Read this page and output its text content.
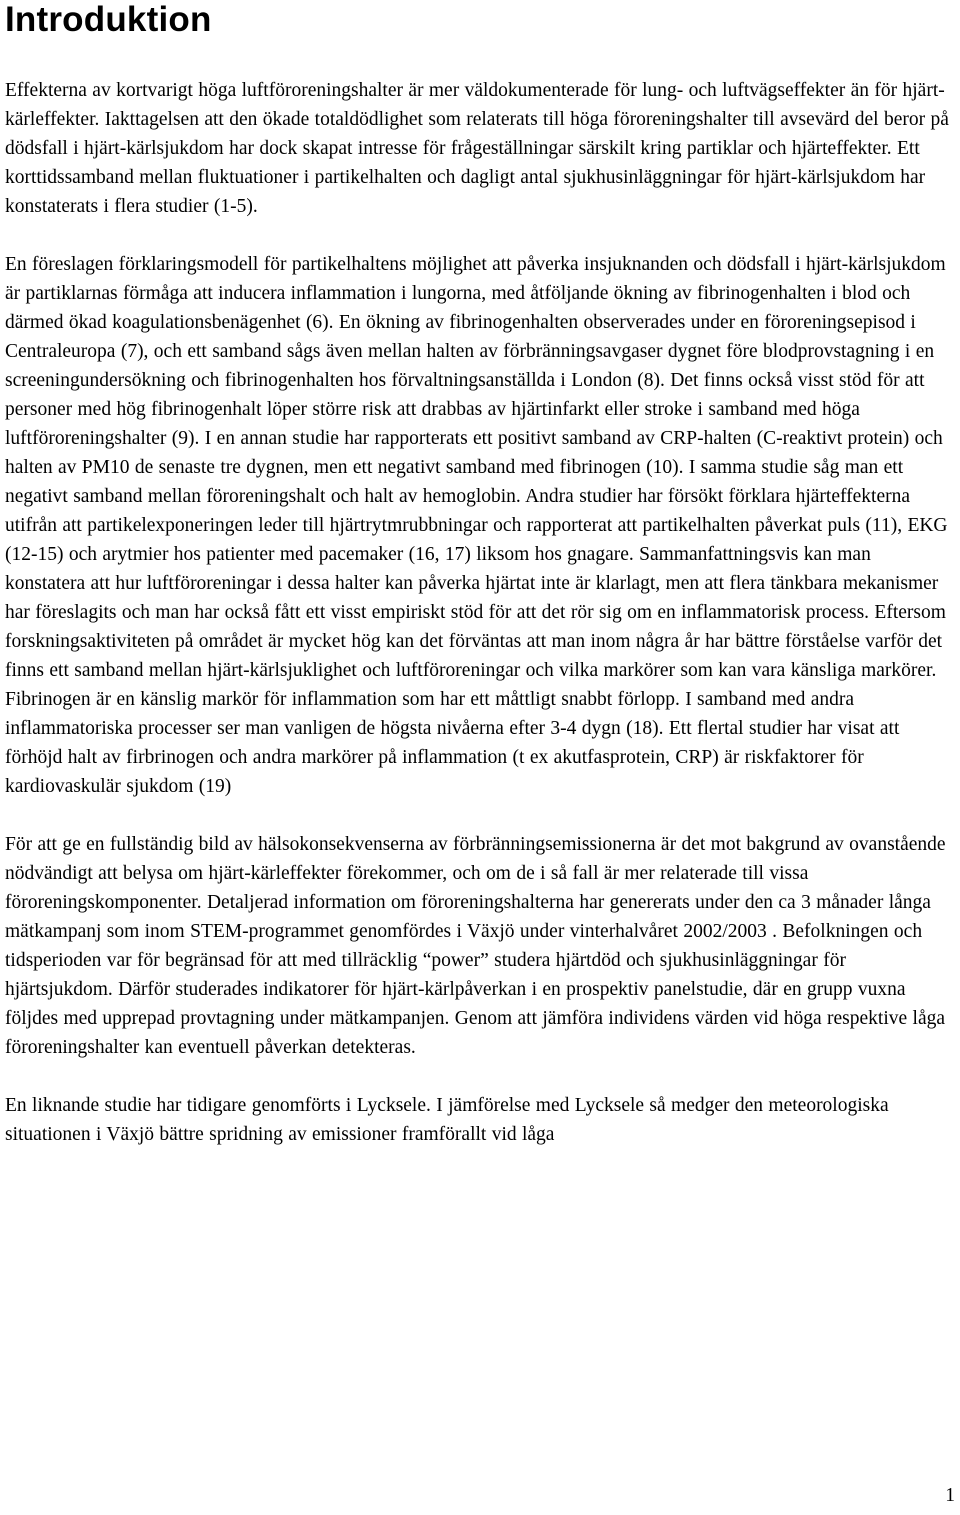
Introduktion

Effekterna av kortvarigt höga luftföroreningshalter är mer väldokumenterade för lung- och luftvägseffekter än för hjärt-kärleffekter. Iakttagelsen att den ökade totaldödlighet som relaterats till höga föroreningshalter till avsevärd del beror på dödsfall i hjärt-kärlsjukdom har dock skapat intresse för frågeställningar särskilt kring partiklar och hjärteffekter. Ett korttidssamband mellan fluktuationer i partikelhalten och dagligt antal sjukhusinläggningar för hjärt-kärlsjukdom har konstaterats i flera studier (1-5).

En föreslagen förklaringsmodell för partikelhaltens möjlighet att påverka insjuknanden och dödsfall i hjärt-kärlsjukdom är partiklarnas förmåga att inducera inflammation i lungorna, med åtföljande ökning av fibrinogenhalten i blod och därmed ökad koagulationsbenägenhet (6). En ökning av fibrinogenhalten observerades under en föroreningsepisod i Centraleuropa (7), och ett samband sågs även mellan halten av förbränningsavgaser dygnet före blodprovstagning i en screeningundersökning och fibrinogenhalten hos förvaltningsanställda i London (8). Det finns också visst stöd för att personer med hög fibrinogenhalt löper större risk att drabbas av hjärtinfarkt eller stroke i samband med höga luftföroreningshalter (9). I en annan studie har rapporterats ett positivt samband av CRP-halten (C-reaktivt protein) och halten av PM10 de senaste tre dygnen, men ett negativt samband med fibrinogen (10). I samma studie såg man ett negativt samband mellan föroreningshalt och halt av hemoglobin. Andra studier har försökt förklara hjärteffekterna utifrån att partikelexponeringen leder till hjärtrytmrubbningar och rapporterat att partikelhalten påverkat puls (11), EKG (12-15) och arytmier hos patienter med pacemaker (16, 17) liksom hos gnagare. Sammanfattningsvis kan man konstatera att hur luftföroreningar i dessa halter kan påverka hjärtat inte är klarlagt, men att flera tänkbara mekanismer har föreslagits och man har också fått ett visst empiriskt stöd för att det rör sig om en inflammatorisk process. Eftersom forskningsaktiviteten på området är mycket hög kan det förväntas att man inom några år har bättre förståelse varför det finns ett samband mellan hjärt-kärlsjuklighet och luftföroreningar och vilka markörer som kan vara känsliga markörer. Fibrinogen är en känslig markör för inflammation som har ett måttligt snabbt förlopp. I samband med andra inflammatoriska processer ser man vanligen de högsta nivåerna efter 3-4 dygn (18). Ett flertal studier har visat att förhöjd halt av firbrinogen och andra markörer på inflammation (t ex akutfasprotein, CRP) är riskfaktorer för kardiovaskulär sjukdom (19)

För att ge en fullständig bild av hälsokonsekvenserna av förbränningsemissionerna är det mot bakgrund av ovanstående nödvändigt att belysa om hjärt-kärleffekter förekommer, och om de i så fall är mer relaterade till vissa föroreningskomponenter. Detaljerad information om föroreningshalterna har genererats under den ca 3 månader långa mätkampanj som inom STEM-programmet genomfördes i Växjö under vinterhalvåret 2002/2003 . Befolkningen och tidsperioden var för begränsad för att med tillräcklig “power” studera hjärtdöd och sjukhusinläggningar för hjärtsjukdom. Därför studerades indikatorer för hjärt-kärlpåverkan i en prospektiv panelstudie, där en grupp vuxna följdes med upprepad provtagning under mätkampanjen. Genom att jämföra individens värden vid höga respektive låga föroreningshalter kan eventuell påverkan detekteras.

En liknande studie har tidigare genomförts i Lycksele. I jämförelse med Lycksele så medger den meteorologiska situationen i Växjö bättre spridning av emissioner framförallt vid låga

1
